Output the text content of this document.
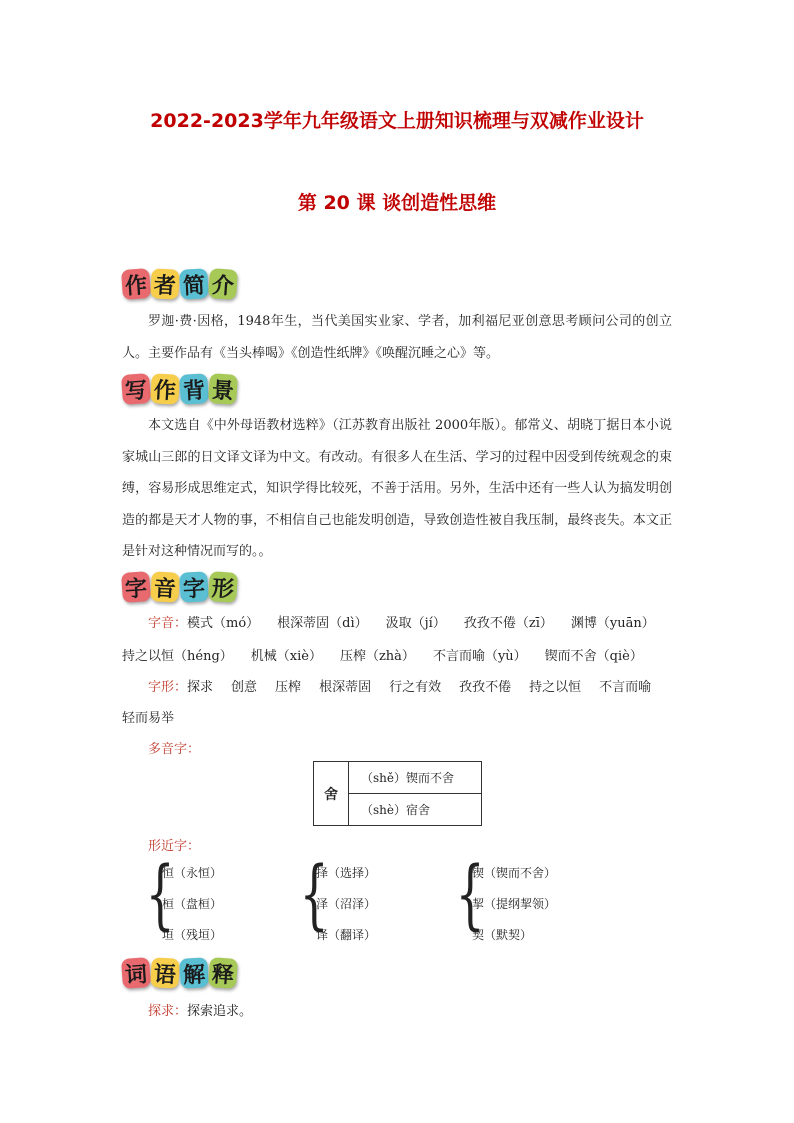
2022-2023学年九年级语文上册知识梳理与双减作业设计
第 20 课 谈创造性思维
作 者 简 介

罗迦·费·因格，1948年生，当代美国实业家、学者，加利福尼亚创意思考顾问公司的创立人。主要作品有《当头棒喝》《创造性纸牌》《唤醒沉睡之心》等。

写 作 背 景

本文选自《中外母语教材选粹》（江苏教育出版社 2000年版）。郁常义、胡晓丁据日本小说家城山三郎的日文译文译为中文。有改动。有很多人在生活、学习的过程中因受到传统观念的束缚，容易形成思维定式，知识学得比较死，不善于活用。另外，生活中还有一些人认为搞发明创造的都是天才人物的事，不相信自己也能发明创造，导致创造性被自我压制，最终丧失。本文正是针对这种情况而写的。。

字 音 字 形
字音：模式（mó） 根深蒂固（dì） 汲取（jí） 孜孜不倦（zī） 渊博（yuān）
持之以恒（héng） 机械（xiè） 压榨（zhà） 不言而喻（yù） 锲而不舍（qiè）
字形：探求 创意 压榨 根深蒂固 行之有效 孜孜不倦 持之以恒 不言而喻
轻而易举
多音字：
舍	（shě）锲而不舍
（shè）宿舍
形近字：
{
恒（永恒）
桓（盘桓）
垣（残垣） {
择（选择）
泽（沼泽）
译（翻译） {
锲（锲而不舍）
挈（提纲挈领）
契（默契）
词 语 解 释
探求：探索追求。
